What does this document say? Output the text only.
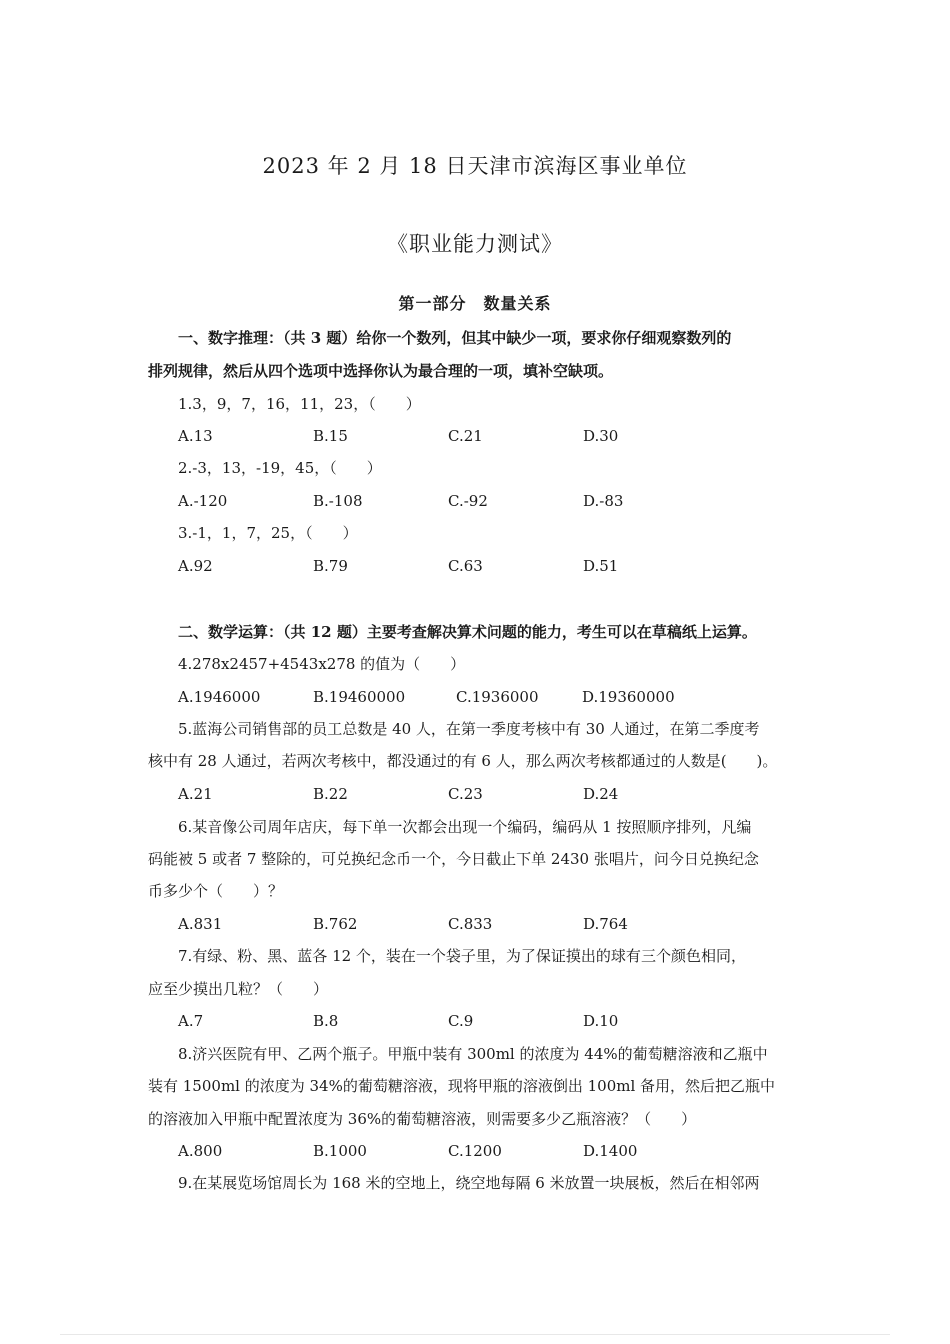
2023 年 2 月 18 日天津市滨海区事业单位
《职业能力测试》
第一部分　数量关系
一、数字推理：（共 3 题）给你一个数列，但其中缺少一项，要求你仔细观察数列的
排列规律，然后从四个选项中选择你认为最合理的一项，填补空缺项。
1.3，9，7，16，11，23，（　　）
A.13	B.15	C.21	D.30
2.-3，13，-19，45，（　　）
A.-120	B.-108	C.-92	D.-83
3.-1，1，7，25，（　　）
A.92	B.79	C.63	D.51
二、数学运算：（共 12 题）主要考查解决算术问题的能力，考生可以在草稿纸上运算。
4.278x2457+4543x278 的值为（　　）
A.1946000	B.19460000	C.1936000	D.19360000
5.蓝海公司销售部的员工总数是 40 人，在第一季度考核中有 30 人通过，在第二季度考
核中有 28 人通过，若两次考核中，都没通过的有 6 人，那么两次考核都通过的人数是(　　)。
A.21	B.22	C.23	D.24
6.某音像公司周年店庆，每下单一次都会出现一个编码，编码从 1 按照顺序排列，凡编
码能被 5 或者 7 整除的，可兑换纪念币一个，今日截止下单 2430 张唱片，问今日兑换纪念
币多少个（　　）？
A.831	B.762	C.833	D.764
7.有绿、粉、黑、蓝各 12 个，装在一个袋子里，为了保证摸出的球有三个颜色相同，
应至少摸出几粒？（　　）
A.7	B.8	C.9	D.10
8.济兴医院有甲、乙两个瓶子。甲瓶中装有 300ml 的浓度为 44%的葡萄糖溶液和乙瓶中
装有 1500ml 的浓度为 34%的葡萄糖溶液，现将甲瓶的溶液倒出 100ml 备用，然后把乙瓶中
的溶液加入甲瓶中配置浓度为 36%的葡萄糖溶液，则需要多少乙瓶溶液？（　　）
A.800	B.1000	C.1200	D.1400
9.在某展览场馆周长为 168 米的空地上，绕空地每隔 6 米放置一块展板，然后在相邻两
